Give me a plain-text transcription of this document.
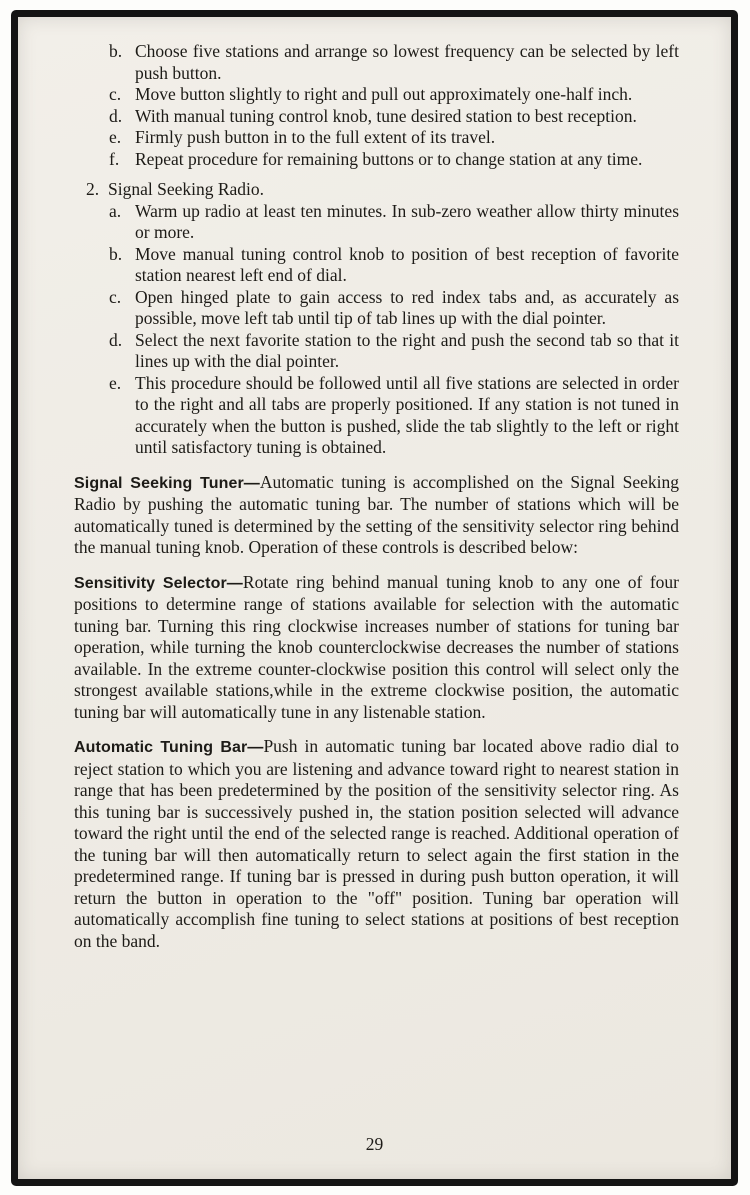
b. Choose five stations and arrange so lowest frequency can be selected by left push button.
c. Move button slightly to right and pull out approximately one-half inch.
d. With manual tuning control knob, tune desired station to best reception.
e. Firmly push button in to the full extent of its travel.
f. Repeat procedure for remaining buttons or to change station at any time.
2. Signal Seeking Radio.
a. Warm up radio at least ten minutes. In sub-zero weather allow thirty minutes or more.
b. Move manual tuning control knob to position of best reception of favorite station nearest left end of dial.
c. Open hinged plate to gain access to red index tabs and, as accurately as possible, move left tab until tip of tab lines up with the dial pointer.
d. Select the next favorite station to the right and push the second tab so that it lines up with the dial pointer.
e. This procedure should be followed until all five stations are selected in order to the right and all tabs are properly positioned. If any station is not tuned in accurately when the button is pushed, slide the tab slightly to the left or right until satisfactory tuning is obtained.
Signal Seeking Tuner—Automatic tuning is accomplished on the Signal Seeking Radio by pushing the automatic tuning bar. The number of stations which will be automatically tuned is determined by the setting of the sensitivity selector ring behind the manual tuning knob. Operation of these controls is described below:
Sensitivity Selector—Rotate ring behind manual tuning knob to any one of four positions to determine range of stations available for selection with the automatic tuning bar. Turning this ring clockwise increases number of stations for tuning bar operation, while turning the knob counterclockwise decreases the number of stations available. In the extreme counter-clockwise position this control will select only the strongest available stations,while in the extreme clockwise position, the automatic tuning bar will automatically tune in any listenable station.
Automatic Tuning Bar—Push in automatic tuning bar located above radio dial to reject station to which you are listening and advance toward right to nearest station in range that has been predetermined by the position of the sensitivity selector ring. As this tuning bar is successively pushed in, the station position selected will advance toward the right until the end of the selected range is reached. Additional operation of the tuning bar will then automatically return to select again the first station in the predetermined range. If tuning bar is pressed in during push button operation, it will return the button in operation to the "off" position. Tuning bar operation will automatically accomplish fine tuning to select stations at positions of best reception on the band.
29
